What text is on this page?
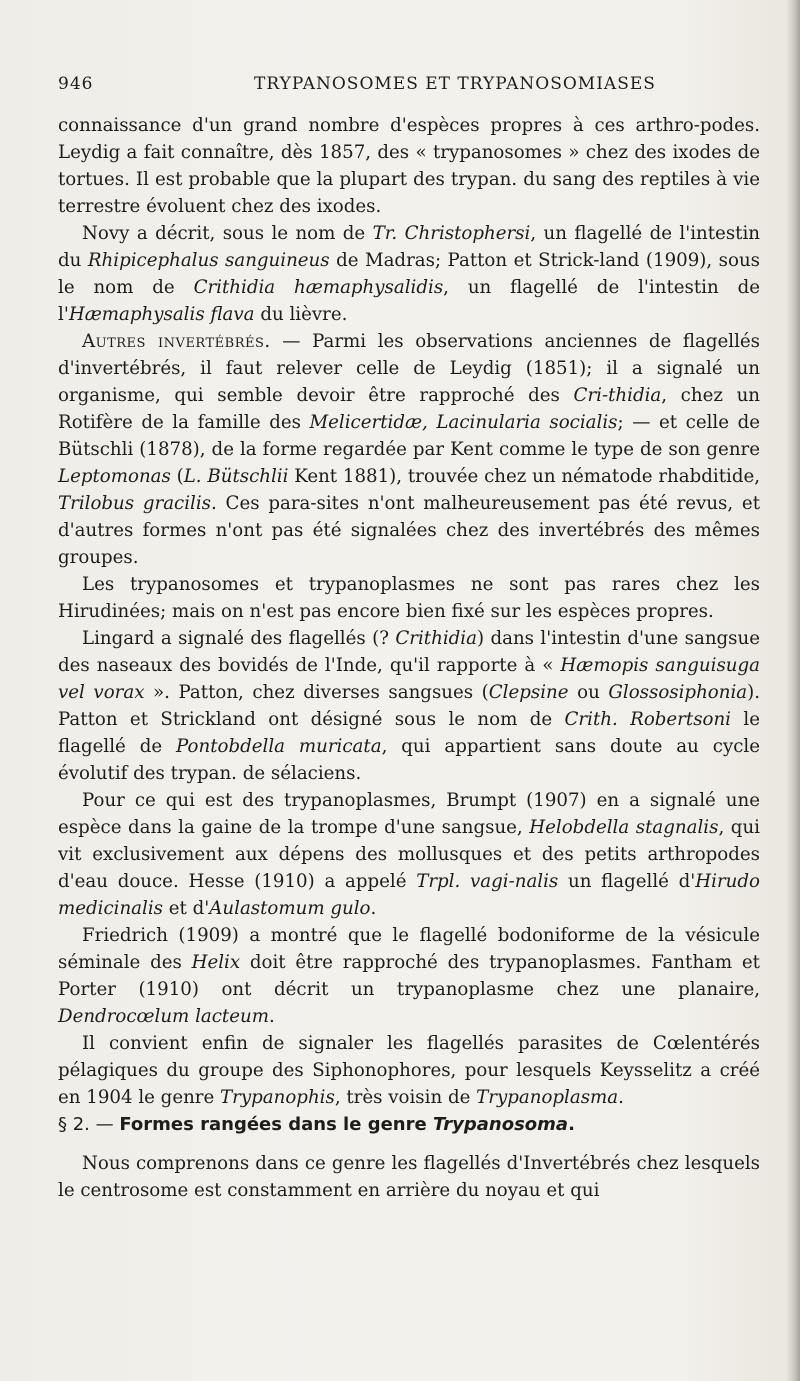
946	TRYPANOSOMES ET TRYPANOSOMIASES

connaissance d'un grand nombre d'espèces propres à ces arthro-podes. Leydig a fait connaître, dès 1857, des « trypanosomes » chez des ixodes de tortues. Il est probable que la plupart des trypan. du sang des reptiles à vie terrestre évoluent chez des ixodes.

Novy a décrit, sous le nom de Tr. Christophersi, un flagellé de l'intestin du Rhipicephalus sanguineus de Madras; Patton et Strick-land (1909), sous le nom de Crithidia hæmaphysalidis, un flagellé de l'intestin de l'Hæmaphysalis flava du lièvre.

Autres invertébrés. — Parmi les observations anciennes de flagellés d'invertébrés, il faut relever celle de Leydig (1851); il a signalé un organisme, qui semble devoir être rapproché des Cri-thidia, chez un Rotifère de la famille des Melicertidæ, Lacinularia socialis; — et celle de Bütschli (1878), de la forme regardée par Kent comme le type de son genre Leptomonas (L. Bütschlii Kent 1881), trouvée chez un nématode rhabditide, Trilobus gracilis. Ces para-sites n'ont malheureusement pas été revus, et d'autres formes n'ont pas été signalées chez des invertébrés des mêmes groupes.

Les trypanosomes et trypanoplasmes ne sont pas rares chez les Hirudinées; mais on n'est pas encore bien fixé sur les espèces propres.

Lingard a signalé des flagellés (? Crithidia) dans l'intestin d'une sangsue des naseaux des bovidés de l'Inde, qu'il rapporte à « Hæmopis sanguisuga vel vorax ». Patton, chez diverses sangsues (Clepsine ou Glossosiphonia). Patton et Strickland ont désigné sous le nom de Crith. Robertsoni le flagellé de Pontobdella muricata, qui appartient sans doute au cycle évolutif des trypan. de sélaciens.

Pour ce qui est des trypanoplasmes, Brumpt (1907) en a signalé une espèce dans la gaine de la trompe d'une sangsue, Helobdella stagnalis, qui vit exclusivement aux dépens des mollusques et des petits arthropodes d'eau douce. Hesse (1910) a appelé Trpl. vagi-nalis un flagellé d'Hirudo medicinalis et d'Aulastomum gulo.

Friedrich (1909) a montré que le flagellé bodoniforme de la vésicule séminale des Helix doit être rapproché des trypanoplasmes. Fantham et Porter (1910) ont décrit un trypanoplasme chez une planaire, Dendrocœlum lacteum.

Il convient enfin de signaler les flagellés parasites de Cœlentérés pélagiques du groupe des Siphonophores, pour lesquels Keysselitz a créé en 1904 le genre Trypanophis, très voisin de Trypanoplasma.

§ 2. — Formes rangées dans le genre Trypanosoma.

Nous comprenons dans ce genre les flagellés d'Invertébrés chez lesquels le centrosome est constamment en arrière du noyau et qui
